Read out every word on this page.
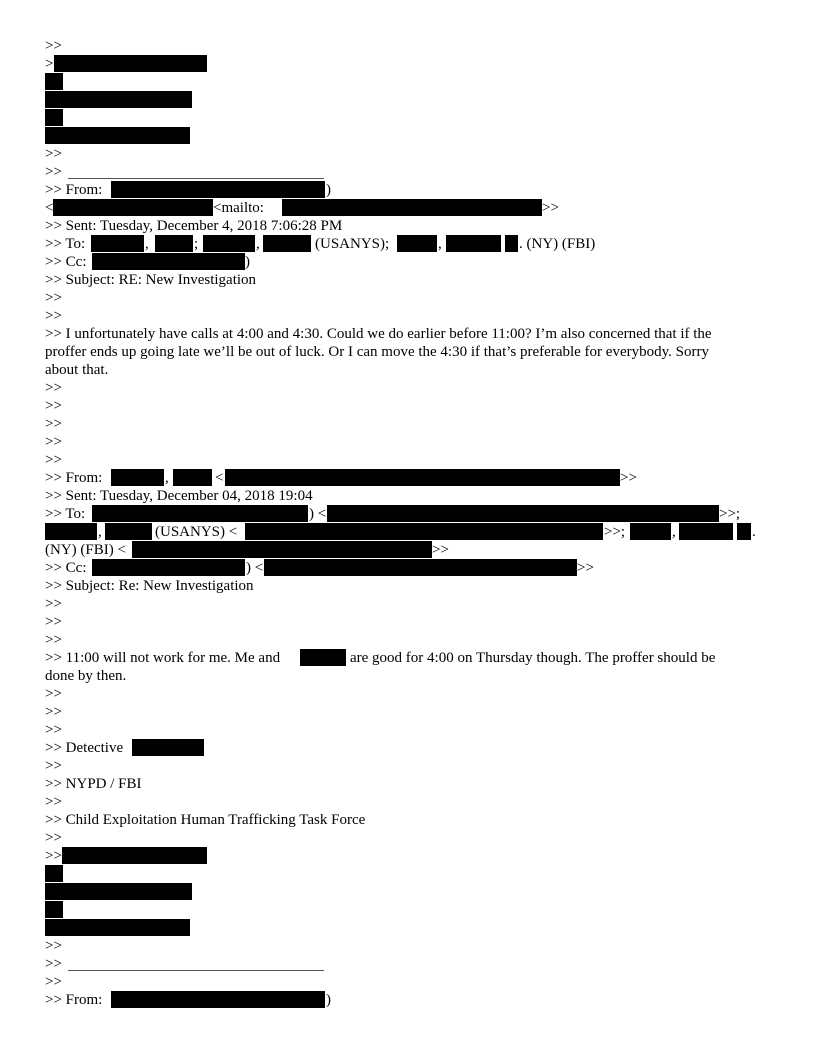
>>
>
>>
>>
>> From:	)
<	<mailto:	>>
>> Sent: Tuesday, December 4, 2018 7:06:28 PM
>> To:	,	;	,	(USANYS);	,	. (NY) (FBI)
>> Cc:	)
>> Subject: RE: New Investigation
>>
>>
>> I unfortunately have calls at 4:00 and 4:30. Could we do earlier before 11:00? I’m also concerned that if the
proffer ends up going late we’ll be out of luck. Or I can move the 4:30 if that’s preferable for everybody. Sorry
about that.
>>
>>
>>
>>
>>
>> From:	,	<	>>
>> Sent: Tuesday, December 04, 2018 19:04
>> To:	) <	>>;
,	(USANYS) <	>>;	,	.
(NY) (FBI) <	>>
>> Cc:	) <	>>
>> Subject: Re: New Investigation
>>
>>
>>
>> 11:00 will not work for me. Me and	are good for 4:00 on Thursday though. The proffer should be
done by then.
>>
>>
>>
>> Detective
>>
>> NYPD / FBI
>>
>> Child Exploitation Human Trafficking Task Force
>>
>>
>>
>>
>>
>> From:	)
